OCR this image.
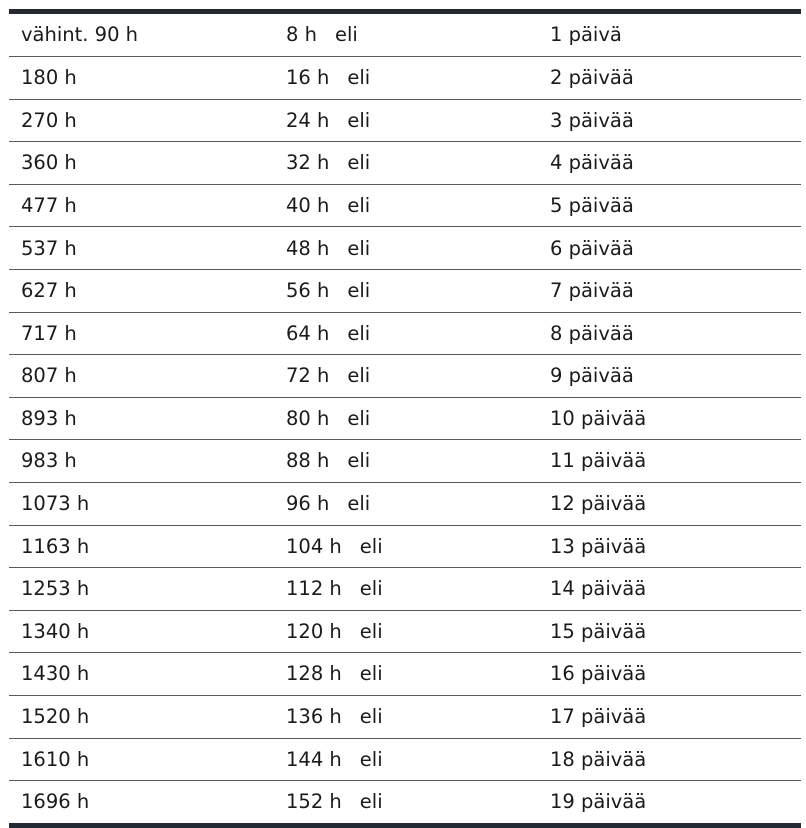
vähint. 90 h	8 h eli	1 päivä
180 h	16 h eli	2 päivää
270 h	24 h eli	3 päivää
360 h	32 h eli	4 päivää
477 h	40 h eli	5 päivää
537 h	48 h eli	6 päivää
627 h	56 h eli	7 päivää
717 h	64 h eli	8 päivää
807 h	72 h eli	9 päivää
893 h	80 h eli	10 päivää
983 h	88 h eli	11 päivää
1073 h	96 h eli	12 päivää
1163 h	104 h eli	13 päivää
1253 h	112 h eli	14 päivää
1340 h	120 h eli	15 päivää
1430 h	128 h eli	16 päivää
1520 h	136 h eli	17 päivää
1610 h	144 h eli	18 päivää
1696 h	152 h eli	19 päivää
